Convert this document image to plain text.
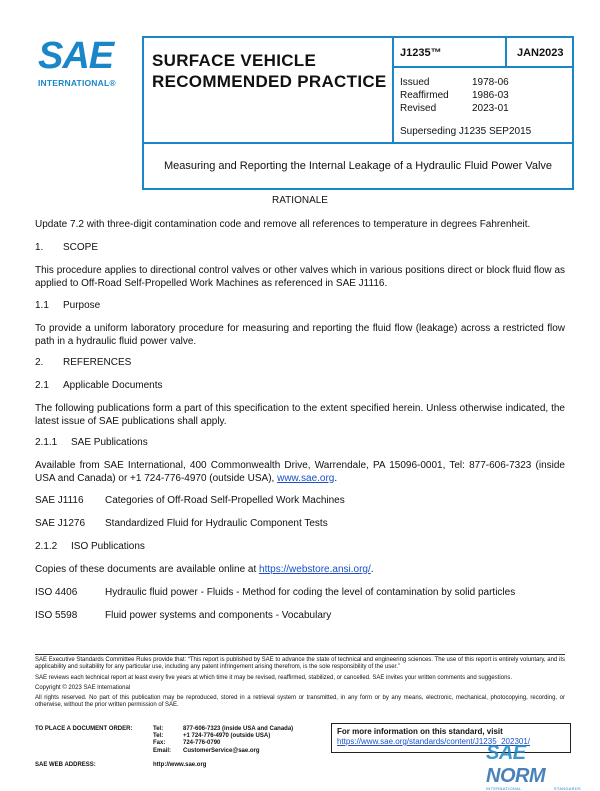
SAE
INTERNATIONAL®
SURFACE VEHICLE
RECOMMENDED PRACTICE
J1235™	JAN2023
Issued	1978-06
Reaffirmed	1986-03
Revised	2023-01
Superseding J1235 SEP2015
Measuring and Reporting the Internal Leakage of a Hydraulic Fluid Power Valve
RATIONALE
Update 7.2 with three-digit contamination code and remove all references to temperature in degrees Fahrenheit.
1.	SCOPE
This procedure applies to directional control valves or other valves which in various positions direct or block fluid flow as applied to Off-Road Self-Propelled Work Machines as referenced in SAE J1116.
1.1	Purpose
To provide a uniform laboratory procedure for measuring and reporting the fluid flow (leakage) across a restricted flow path in a hydraulic fluid power valve.
2.	REFERENCES
2.1	Applicable Documents
The following publications form a part of this specification to the extent specified herein. Unless otherwise indicated, the latest issue of SAE publications shall apply.
2.1.1	SAE Publications
Available from SAE International, 400 Commonwealth Drive, Warrendale, PA 15096-0001, Tel: 877-606-7323 (inside USA and Canada) or +1 724-776-4970 (outside USA), www.sae.org.
SAE J1116	Categories of Off-Road Self-Propelled Work Machines
SAE J1276	Standardized Fluid for Hydraulic Component Tests
2.1.2	ISO Publications
Copies of these documents are available online at https://webstore.ansi.org/.
ISO 4406	Hydraulic fluid power - Fluids - Method for coding the level of contamination by solid particles
ISO 5598	Fluid power systems and components - Vocabulary
SAE Executive Standards Committee Rules provide that: “This report is published by SAE to advance the state of technical and engineering sciences. The use of this report is entirely voluntary, and its applicability and suitability for any particular use, including any patent infringement arising therefrom, is the sole responsibility of the user.”
SAE reviews each technical report at least every five years at which time it may be revised, reaffirmed, stabilized, or cancelled. SAE invites your written comments and suggestions.
Copyright © 2023 SAE International
All rights reserved. No part of this publication may be reproduced, stored in a retrieval system or transmitted, in any form or by any means, electronic, mechanical, photocopying, recording, or otherwise, without the prior written permission of SAE.
TO PLACE A DOCUMENT ORDER:	Tel:	877-606-7323 (inside USA and Canada)
Tel:	+1 724-776-4970 (outside USA)
Fax:	724-776-0790
Email:	CustomerService@sae.org
SAE WEB ADDRESS:	http://www.sae.org
For more information on this standard, visit
https://www.sae.org/standards/content/J1235_202301/
SAE NORM
INTERNATIONAL	STANDARDS
